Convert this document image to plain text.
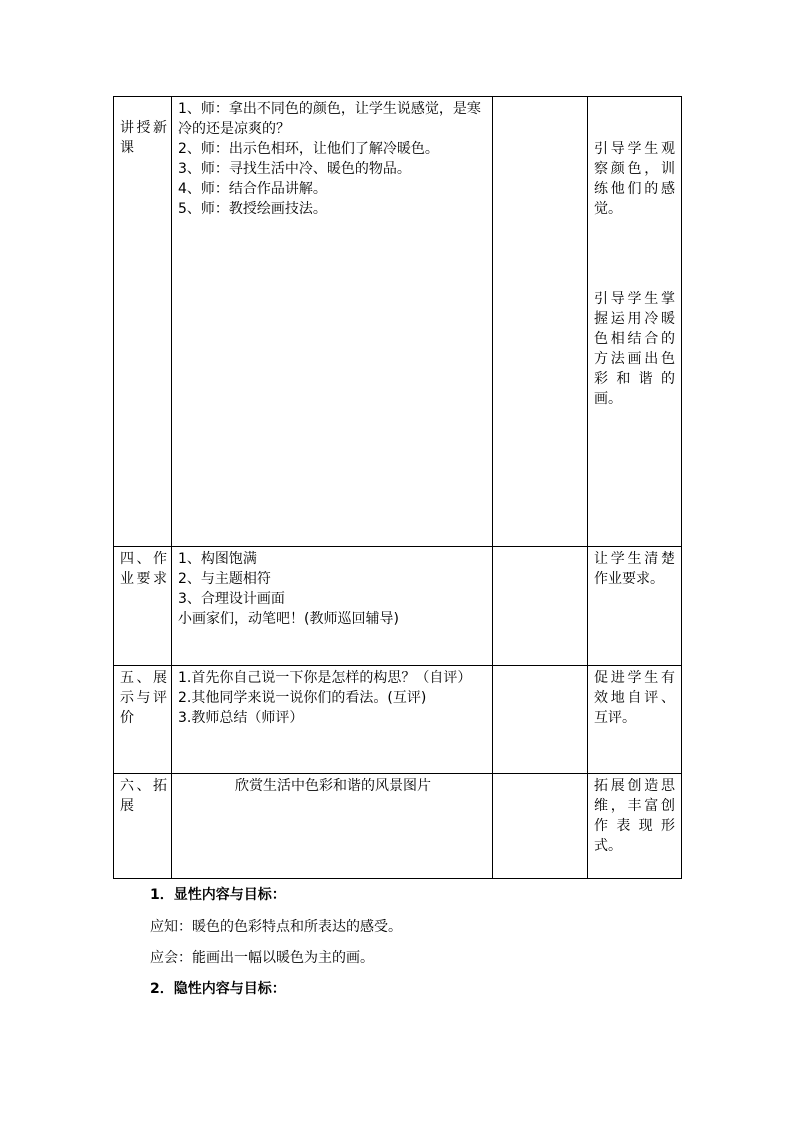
讲授新课	1、师：拿出不同色的颜色，让学生说感觉，是寒冷的还是凉爽的？
2、师：出示色相环，让他们了解冷暖色。
3、师：寻找生活中冷、暖色的物品。
4、师：结合作品讲解。
5、师：教授绘画技法。		引导学生观察颜色，训练他们的感觉。
引导学生掌握运用冷暖色相结合的方法画出色彩和谐的画。

四、作业要求	1、构图饱满
2、与主题相符
3、合理设计画面
小画家们，动笔吧！(教师巡回辅导)		让学生清楚作业要求。

五、展示与评价	1.首先你自己说一下你是怎样的构思？（自评）
2.其他同学来说一说你们的看法。(互评)
3.教师总结（师评）		促进学生有效地自评、互评。

六、拓展	欣赏生活中色彩和谐的风景图片		拓展创造思维，丰富创作表现形式。
1．显性内容与目标：
应知：暖色的色彩特点和所表达的感受。
应会：能画出一幅以暖色为主的画。
2．隐性内容与目标：
